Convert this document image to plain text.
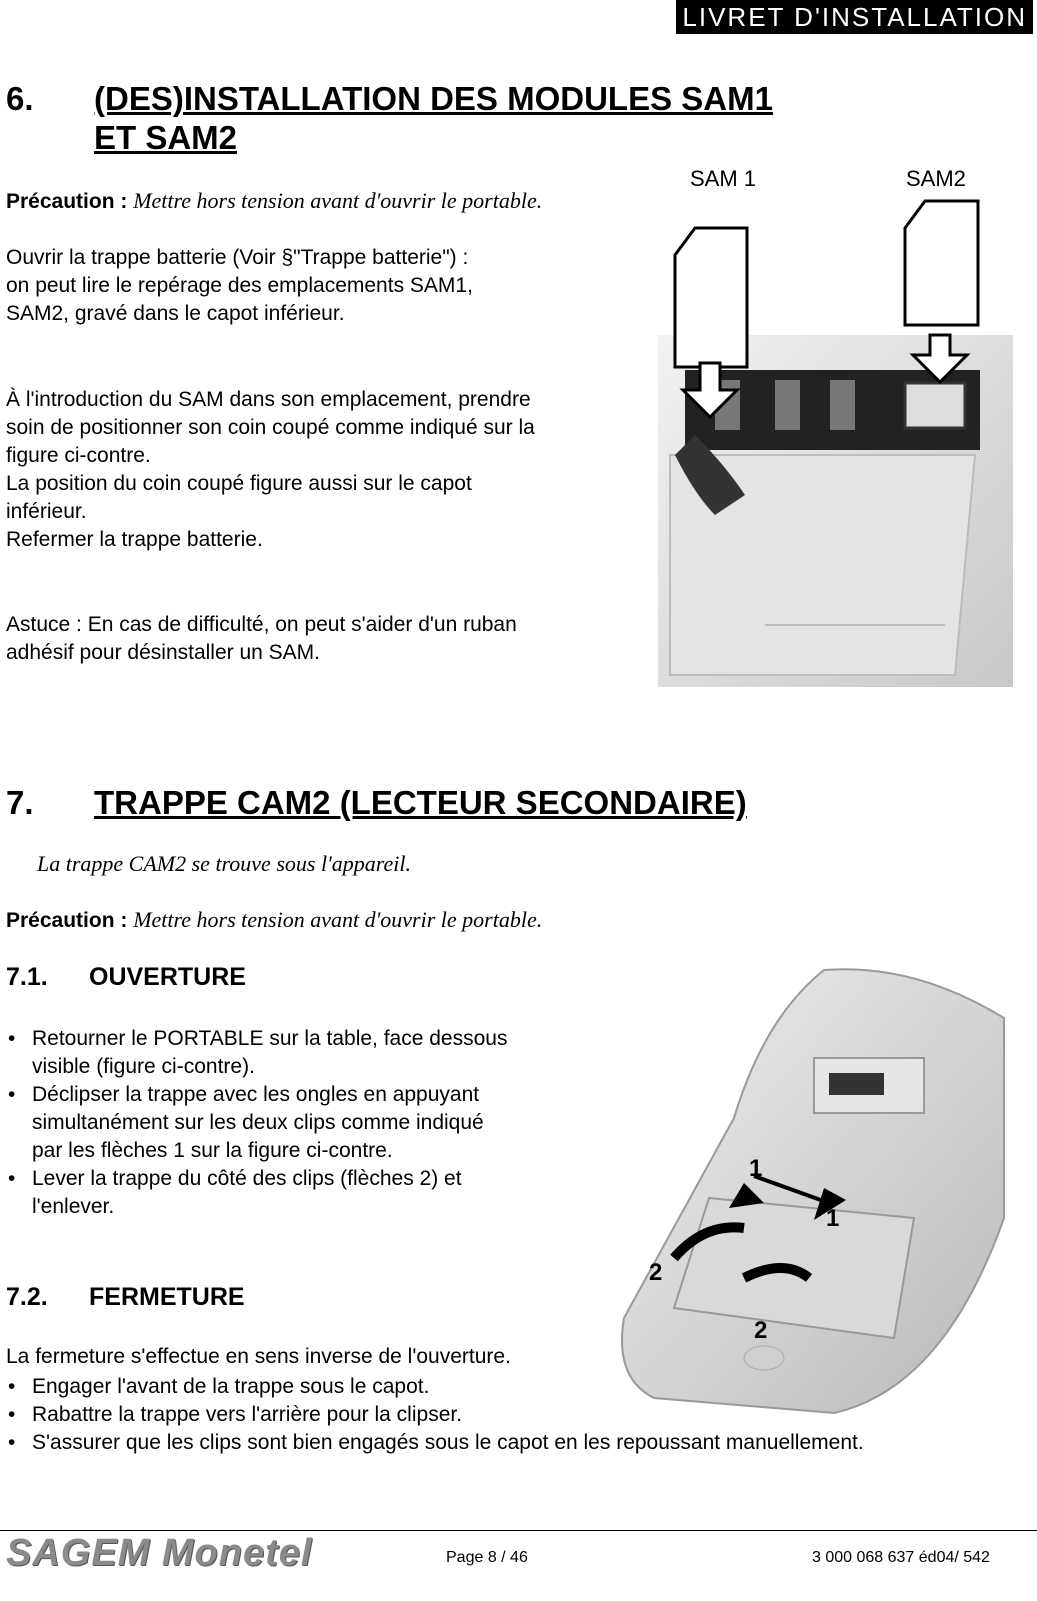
LIVRET D'INSTALLATION
6. (DES)INSTALLATION DES MODULES SAM1
ET SAM2
Précaution : Mettre hors tension avant d'ouvrir le portable.
Ouvrir la trappe batterie (Voir §"Trappe batterie") :
on peut lire le repérage des emplacements SAM1,
SAM2, gravé dans le capot inférieur.
À l'introduction du SAM dans son emplacement, prendre
soin de positionner son coin coupé comme indiqué sur la
figure ci-contre.
La position du coin coupé figure aussi sur le capot
inférieur.
Refermer la trappe batterie.
Astuce : En cas de difficulté, on peut s'aider d'un ruban
adhésif pour désinstaller un SAM.
SAM 1	SAM2
7. TRAPPE CAM2 (LECTEUR SECONDAIRE)
La trappe CAM2 se trouve sous l'appareil.
Précaution : Mettre hors tension avant d'ouvrir le portable.
7.1. OUVERTURE
• Retourner le PORTABLE sur la table, face dessous
visible (figure ci-contre).
• Déclipser la trappe avec les ongles en appuyant
simultanément sur les deux clips comme indiqué
par les flèches 1 sur la figure ci-contre.
• Lever la trappe du côté des clips (flèches 2) et
l'enlever.
7.2. FERMETURE
La fermeture s'effectue en sens inverse de l'ouverture.
• Engager l'avant de la trappe sous le capot.
• Rabattre la trappe vers l'arrière pour la clipser.
• S'assurer que les clips sont bien engagés sous le capot en les repoussant manuellement.
1
1
2
2
SAGEM Monetel	Page 8 / 46	3 000 068 637 éd04/ 542
